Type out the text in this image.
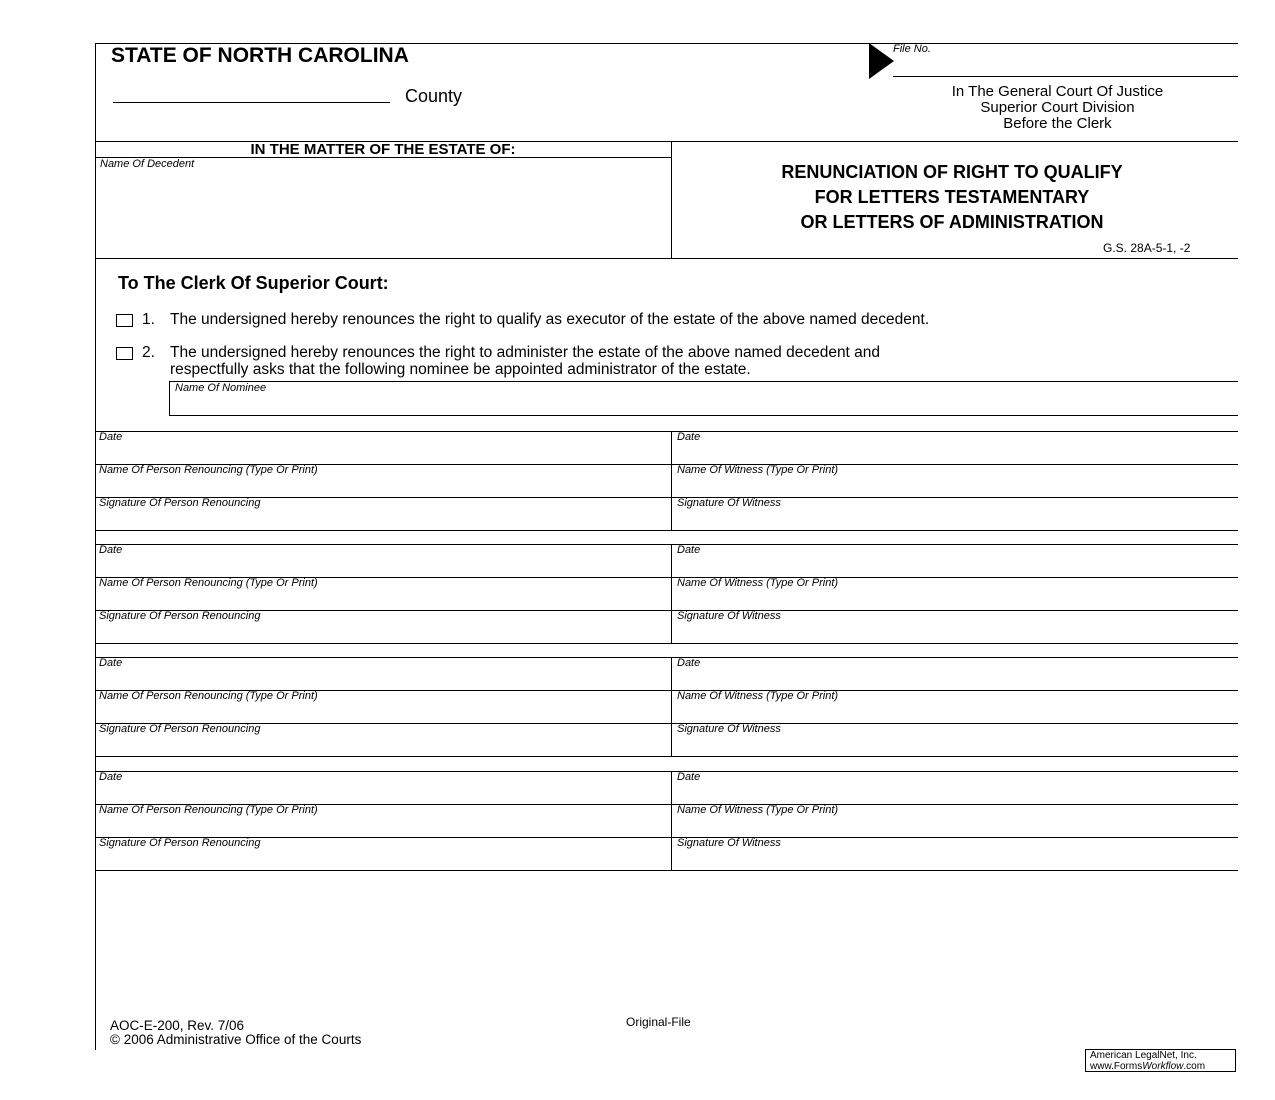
STATE OF NORTH CAROLINA
County
File No.
In The General Court Of Justice
Superior Court Division
Before the Clerk
IN THE MATTER OF THE ESTATE OF:
Name Of Decedent	RENUNCIATION OF RIGHT TO QUALIFY
FOR LETTERS TESTAMENTARY
OR LETTERS OF ADMINISTRATION
G.S. 28A-5-1, -2
To The Clerk Of Superior Court:
1. The undersigned hereby renounces the right to qualify as executor of the estate of the above named decedent.
2. The undersigned hereby renounces the right to administer the estate of the above named decedent and
respectfully asks that the following nominee be appointed administrator of the estate.
Name Of Nominee
Date
Name Of Person Renouncing (Type Or Print)
Signature Of Person Renouncing
Date
Name Of Witness (Type Or Print)
Signature Of Witness
Date
Name Of Person Renouncing (Type Or Print)
Signature Of Person Renouncing
Date
Name Of Witness (Type Or Print)
Signature Of Witness
Date
Name Of Person Renouncing (Type Or Print)
Signature Of Person Renouncing
Date
Name Of Witness (Type Or Print)
Signature Of Witness
Date
Name Of Person Renouncing (Type Or Print)
Signature Of Person Renouncing
Date
Name Of Witness (Type Or Print)
Signature Of Witness
AOC-E-200, Rev. 7/06
© 2006 Administrative Office of the Courts
Original-File
American LegalNet, Inc.
www.FormsWorkflow.com
